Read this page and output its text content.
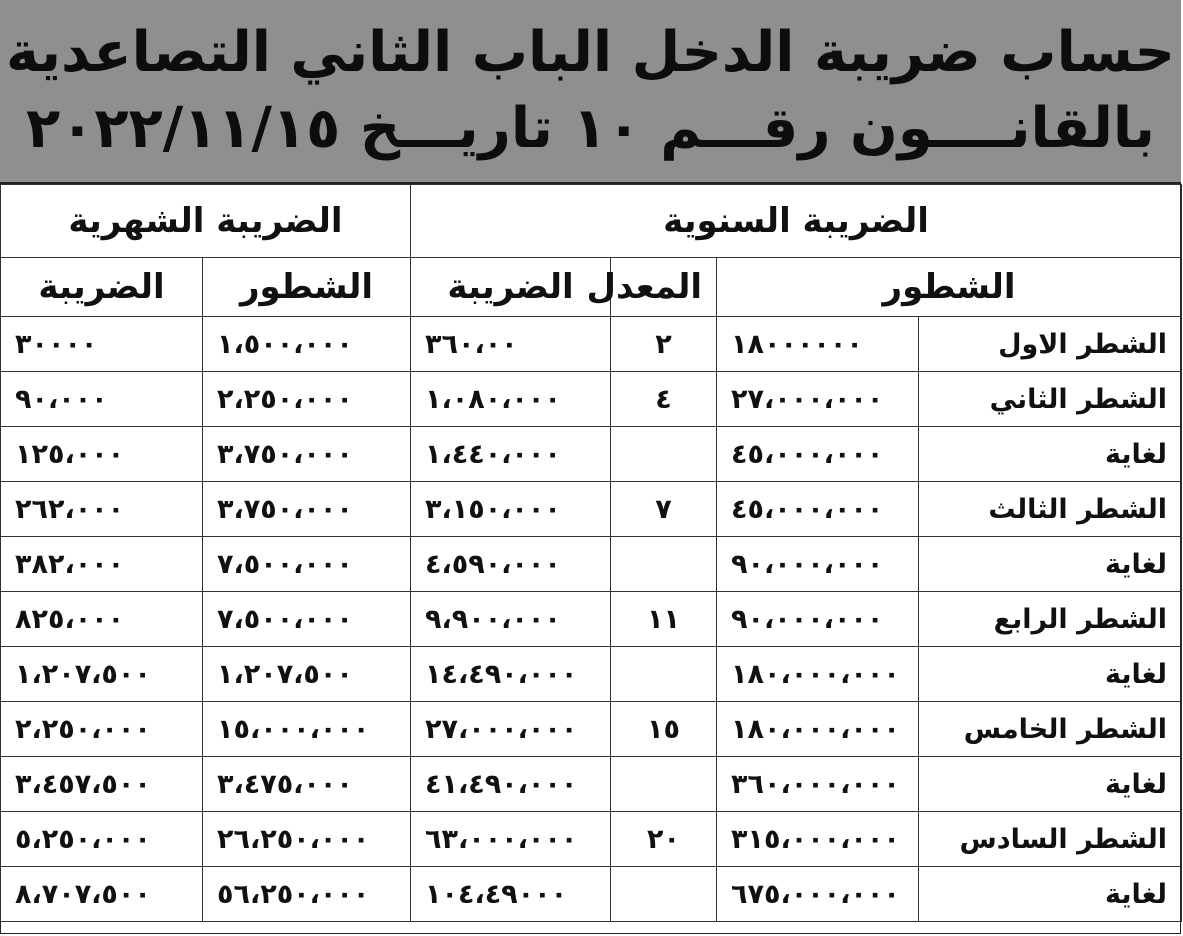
حساب ضريبة الدخل الباب الثاني التصاعدية
بالقانــــون رقـــم ١٠ تاريـــخ ٢٠٢٢/١١/١٥
الضريبة السنوية				الضريبة الشهرية	
الشطور		المعدل	الضريبة	الشطور	الضريبة
الشطر الاول	١٨٠٠٠٠٠٠	٢	٣٦٠،٠٠	١،٥٠٠،٠٠٠	٣٠٠٠٠
الشطر الثاني	٢٧،٠٠٠،٠٠٠	٤	١،٠٨٠،٠٠٠	٢،٢٥٠،٠٠٠	٩٠،٠٠٠
لغاية	٤٥،٠٠٠،٠٠٠		١،٤٤٠،٠٠٠	٣،٧٥٠،٠٠٠	١٢٥،٠٠٠
الشطر الثالث	٤٥،٠٠٠،٠٠٠	٧	٣،١٥٠،٠٠٠	٣،٧٥٠،٠٠٠	٢٦٢،٠٠٠
لغاية	٩٠،٠٠٠،٠٠٠		٤،٥٩٠،٠٠٠	٧،٥٠٠،٠٠٠	٣٨٢،٠٠٠
الشطر الرابع	٩٠،٠٠٠،٠٠٠	١١	٩،٩٠٠،٠٠٠	٧،٥٠٠،٠٠٠	٨٢٥،٠٠٠
لغاية	١٨٠،٠٠٠،٠٠٠		١٤،٤٩٠،٠٠٠	١،٢٠٧،٥٠٠	١،٢٠٧،٥٠٠
الشطر الخامس	١٨٠،٠٠٠،٠٠٠	١٥	٢٧،٠٠٠،٠٠٠	١٥،٠٠٠،٠٠٠	٢،٢٥٠،٠٠٠
لغاية	٣٦٠،٠٠٠،٠٠٠		٤١،٤٩٠،٠٠٠	٣،٤٧٥،٠٠٠	٣،٤٥٧،٥٠٠
الشطر السادس	٣١٥،٠٠٠،٠٠٠	٢٠	٦٣،٠٠٠،٠٠٠	٢٦،٢٥٠،٠٠٠	٥،٢٥٠،٠٠٠
لغاية	٦٧٥،٠٠٠،٠٠٠		١٠٤،٤٩٠٠٠	٥٦،٢٥٠،٠٠٠	٨،٧٠٧،٥٠٠
